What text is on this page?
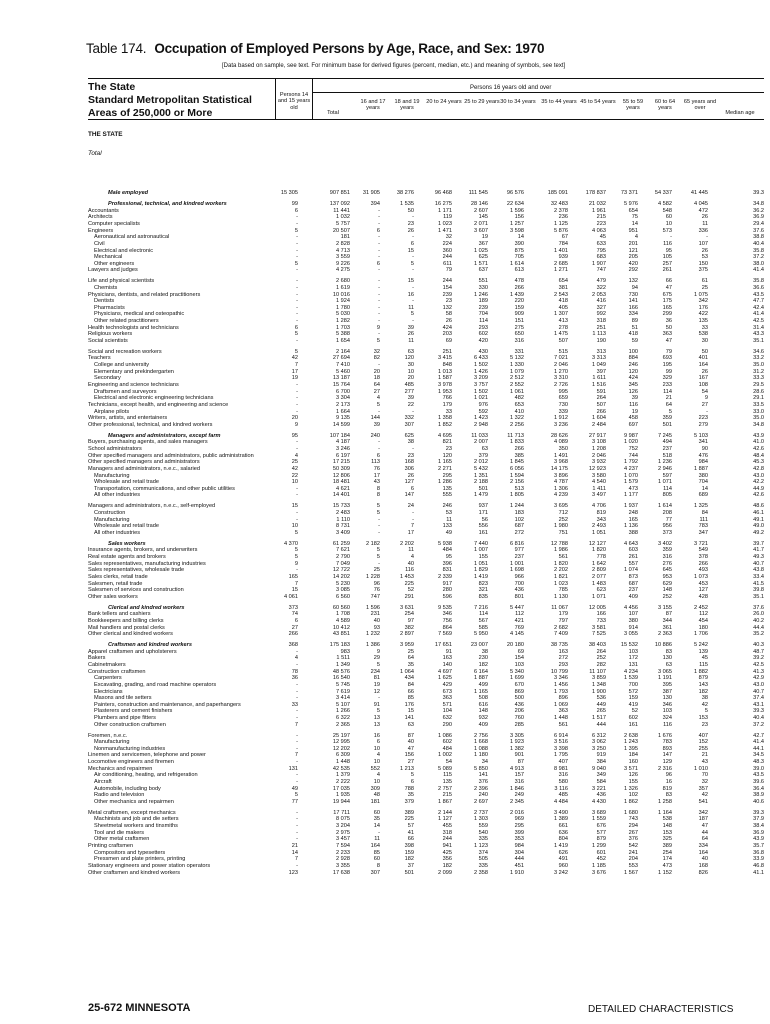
Table 174. Occupation of Employed Persons by Age, Race, and Sex: 1970
[Data based on sample, see text. For minimum base for derived figures (percent, median, etc.) and meaning of symbols, see text]
The State
Standard Metropolitan Statistical
Areas of 250,000 or More
Persons 16 years old and over
Persons 14 and 15 years old
Total
16 and 17 years
18 and 19 years
20 to 24 years 25 to 29 years 30 to 34 years 35 to 44 years 45 to 54 years	55 to 59 years
60 to 64 years
65 years and over
Median age
THE STATE
Total
Male employed	15 305	907 851	31 905	38 276	96 468	111 545	96 576	185 091	178 837	73 371	54 337	41 445	39.3
Professional, technical, and kindred workers	99	137 092	394	1 535	16 275	28 146	22 634	32 483	21 032	5 976	4 582	4 045	34.8
Accountants	6	11 441	-	50	1 171	2 607	1 596	2 378	1 961	654	548	472	36.2
Architects	-	1 032	-	-	119	145	156	236	215	75	60	26	36.9
Computer specialists	-	5 757	-	23	1 023	2 071	1 257	1 125	223	14	10	11	29.4
Engineers	5	20 507	6	26	1 471	3 607	3 598	5 876	4 063	951	573	336	37.6
Aeronautical and astronautical	-	181	-	-	32	19	14	67	45	4	-	-	38.8
Civil	-	2 828	-	6	224	367	390	784	633	201	116	107	40.4
Electrical and electronic	-	4 713	-	15	360	1 025	875	1 401	795	121	95	26	35.8
Mechanical	-	3 559	-	-	244	625	705	939	683	205	105	53	37.2
Other engineers	5	9 226	6	5	611	1 571	1 614	2 685	1 907	420	257	150	38.0
Lawyers and judges	-	4 275	-	-	79	637	613	1 271	747	292	261	375	41.4
Life and physical scientists	-	2 680	-	15	244	551	478	654	479	132	66	61	35.8
Chemists	-	1 619	-	-	154	330	266	381	322	94	47	25	36.6
Physicians, dentists, and related practitioners	-	10 016	-	16	239	1 246	1 439	2 543	2 053	730	675	1 075	43.5
Dentists	-	1 924	-	-	23	189	220	418	416	141	175	342	47.7
Pharmacists	-	1 780	-	11	132	239	159	405	327	166	165	176	42.4
Physicians, medical and osteopathic	-	5 030	-	5	58	704	909	1 307	992	334	299	422	41.4
Other related practitioners	-	1 282	-	-	26	114	151	413	318	89	36	135	42.5
Health technologists and technicians	6	1 703	9	39	424	293	275	278	251	51	50	33	31.4
Religious workers	5	5 388	-	26	203	602	650	1 475	1 113	418	363	538	43.3
Social scientists	-	1 654	5	11	69	420	316	507	190	59	47	30	35.1
Social and recreation workers	5	2 164	32	63	251	430	331	515	313	100	79	50	34.6
Teachers	42	27 694	82	120	3 415	6 433	5 132	7 021	3 313	884	693	401	33.2
College and university	7	7 410	-	30	848	1 502	1 330	2 046	1 049	246	195	164	35.0
Elementary and prekindergarten	17	5 460	20	10	1 013	1 426	1 079	1 270	397	120	99	26	31.2
Secondary	19	13 187	18	20	1 587	3 209	2 512	3 310	1 611	424	329	167	33.3
Engineering and science technicians	-	15 764	64	485	3 978	3 757	2 552	2 726	1 516	345	233	108	29.5
Draftsmen and surveyors	-	6 700	27	277	1 953	1 502	1 061	995	591	126	114	54	28.6
Electrical and electronic engineering technicians	-	3 304	4	39	766	1 021	482	659	264	39	21	9	29.1
Technicians, except health, and engineering and science	-	2 173	5	22	179	976	653	730	507	116	64	27	33.5
Airplane pilots	-	1 664	-	-	33	592	410	339	266	19	5	-	33.0
Writers, artists, and entertainers	20	9 135	144	332	1 358	1 423	1 322	1 912	1 604	458	359	223	35.0
Other professional, technical, and kindred workers	9	14 599	39	307	1 852	2 948	2 256	3 236	2 484	697	501	279	34.8
Managers and administrators, except farm	95	107 184	240	625	4 695	11 033	11 713	28 626	27 917	9 987	7 245	5 103	43.9
Buyers, purchasing agents, and sales managers	-	4 187	-	38	821	2 007	1 833	4 089	3 108	1 020	494	341	41.0
School administrators	-	3 246	-	-	23	63	266	350	1 208	752	237	90	42.6
Other specified managers and administrators, public administration	4	6 197	6	23	120	379	385	1 491	2 046	744	518	476	48.4
Other specified managers and administrators	25	17 215	113	168	1 165	2 012	1 845	3 968	3 932	1 792	1 236	984	45.3
Managers and administrators, n.e.c., salaried	42	50 309	76	306	2 271	5 432	6 056	14 175	12 923	4 237	2 946	1 887	42.8
Manufacturing	22	12 806	17	26	295	1 351	1 594	3 896	3 580	1 070	597	380	43.0
Wholesale and retail trade	10	18 481	43	127	1 286	2 188	2 156	4 787	4 540	1 579	1 071	704	42.2
Transportation, communications, and other public utilities	-	4 621	8	6	135	501	513	1 306	1 411	473	114	14	44.9
All other industries	-	14 401	8	147	555	1 479	1 805	4 239	3 497	1 177	805	689	42.6
Managers and administrators, n.e.c., self-employed	15	15 733	5	24	246	937	1 244	3 695	4 706	1 937	1 614	1 325	48.6
Construction	-	2 483	5	-	53	171	183	712	819	248	208	84	46.1
Manufacturing	-	1 110	-	-	11	56	102	252	343	165	77	111	49.1
Wholesale and retail trade	10	8 731	-	7	133	556	687	1 980	2 493	1 136	956	783	49.0
All other industries	5	3 409	-	17	49	161	272	751	1 051	388	373	347	49.2
Sales workers	4 370	61 259	2 182	2 202	5 938	7 440	6 816	12 788	12 127	4 643	3 402	3 721	39.7
Insurance agents, brokers, and underwriters	5	7 621	5	11	484	1 007	977	1 986	1 820	603	359	549	41.7
Real estate agents and brokers	5	2 790	5	4	95	155	237	561	778	261	316	378	49.3
Sales representatives, manufacturing industries	9	7 049	-	40	396	1 051	1 001	1 820	1 642	557	276	266	40.7
Sales representatives, wholesale trade	-	12 722	25	116	831	1 829	1 698	2 202	2 809	1 074	645	493	43.8
Sales clerks, retail trade	165	14 202	1 228	1 453	2 339	1 419	966	1 821	2 077	873	953	1 073	33.4
Salesmen, retail trade	7	5 230	96	225	917	823	700	1 023	1 483	687	629	453	41.5
Salesmen of services and construction	15	3 085	76	52	280	321	436	785	623	237	148	127	39.8
Other sales workers	4 061	6 560	747	291	596	835	801	1 130	1 071	409	252	428	35.1
Clerical and kindred workers	373	60 560	1 596	3 631	9 535	7 216	5 447	11 067	12 005	4 456	3 155	2 452	37.6
Bank tellers and cashiers	74	1 708	231	254	346	114	112	179	166	107	87	112	26.0
Bookkeepers and billing clerks	6	4 589	40	97	756	567	421	797	733	380	344	454	40.2
Mail handlers and postal clerks	27	10 412	93	382	864	585	769	2 682	3 581	914	361	180	44.4
Other clerical and kindred workers	266	43 851	1 232	2 897	7 569	5 950	4 145	7 409	7 525	3 055	2 363	1 706	35.2
Craftsmen and kindred workers	368	175 183	1 386	3 959	17 651	23 007	20 180	38 735	38 403	15 532	10 886	5 242	40.3
Apparel craftsmen and upholsterers	-	983	9	25	91	38	69	163	264	103	83	139	48.7
Bakers	4	1 511	29	64	163	230	154	272	252	172	130	45	39.2
Cabinetmakers	-	1 349	5	35	140	182	103	293	282	131	63	115	42.5
Construction craftsmen	78	48 576	234	1 064	4 697	6 164	5 340	10 799	11 107	4 234	3 065	1 882	41.3
Carpenters	36	16 540	81	434	1 625	1 887	1 699	3 346	3 859	1 539	1 191	879	42.9
Excavating, grading, and road machine operators	-	5 745	19	84	429	499	670	1 456	1 348	700	395	143	43.0
Electricians	-	7 619	12	66	673	1 165	869	1 793	1 900	572	387	182	40.7
Masons and tile setters	-	3 414	-	85	363	508	500	896	536	159	130	38	37.4
Painters, construction and maintenance, and paperhangers	33	5 107	91	176	571	616	436	1 069	449	419	346	42	43.1
Plasterers and cement finishers	-	1 266	5	15	104	148	206	363	265	52	103	5	39.3
Plumbers and pipe fitters	-	6 322	13	141	632	932	760	1 448	1 517	602	324	153	40.4
Other construction craftsmen	7	2 365	13	63	290	409	285	561	444	161	116	23	37.2
Foremen, n.e.c.	-	25 197	16	87	1 086	2 756	3 305	6 914	6 312	2 638	1 676	407	42.7
Manufacturing	-	12 995	6	40	602	1 668	1 923	3 516	3 062	1 243	783	152	41.4
Nonmanufacturing industries	-	12 202	10	47	484	1 088	1 382	3 398	3 250	1 395	893	255	44.1
Linemen and servicemen, telephone and power	7	6 309	4	156	1 002	1 180	901	1 795	919	184	147	21	34.5
Locomotive engineers and firemen	-	1 448	10	27	54	34	87	407	384	160	129	43	48.3
Mechanics and repairmen	131	42 535	552	1 213	5 089	5 850	4 913	8 981	9 040	3 571	2 316	1 010	39.0
Air conditioning, heating, and refrigeration	-	1 379	4	5	115	141	157	316	349	126	96	70	43.5
Aircraft	-	2 222	10	6	135	376	316	580	584	155	16	32	39.6
Automobile, including body	49	17 035	309	788	2 757	2 396	1 846	3 116	3 221	1 326	819	357	36.4
Radio and television	5	1 935	48	35	215	240	249	485	436	102	83	42	38.9
Other mechanics and repairmen	77	19 944	181	379	1 867	2 697	2 345	4 484	4 430	1 862	1 258	541	40.6
Metal craftsmen, except mechanics	-	17 711	60	389	2 144	2 737	2 016	3 490	3 689	1 680	1 164	342	39.3
Machinists and job and die setters	-	8 075	35	225	1 127	1 303	969	1 389	1 559	743	538	187	37.9
Sheetmetal workers and tinsmiths	-	3 204	14	57	455	559	295	661	676	294	148	47	38.4
Tool and die makers	-	2 975	-	41	318	540	399	636	577	267	153	44	36.9
Other metal craftsmen	-	3 457	11	66	244	335	353	804	879	376	325	64	43.9
Printing craftsmen	21	7 594	164	398	941	1 123	984	1 419	1 299	542	389	334	35.7
Compositors and typesetters	14	2 233	85	159	425	374	304	626	601	241	254	164	36.8
Pressmen and plate printers, printing	7	2 928	60	182	356	505	444	491	452	204	174	40	33.9
Stationary engineers and power station operators	-	3 355	8	37	182	335	451	960	1 185	553	473	168	46.8
Other craftsmen and kindred workers	123	17 638	307	501	2 099	2 358	1 910	3 242	3 676	1 567	1 152	826	41.1
25-672 MINNESOTA	DETAILED CHARACTERISTICS
